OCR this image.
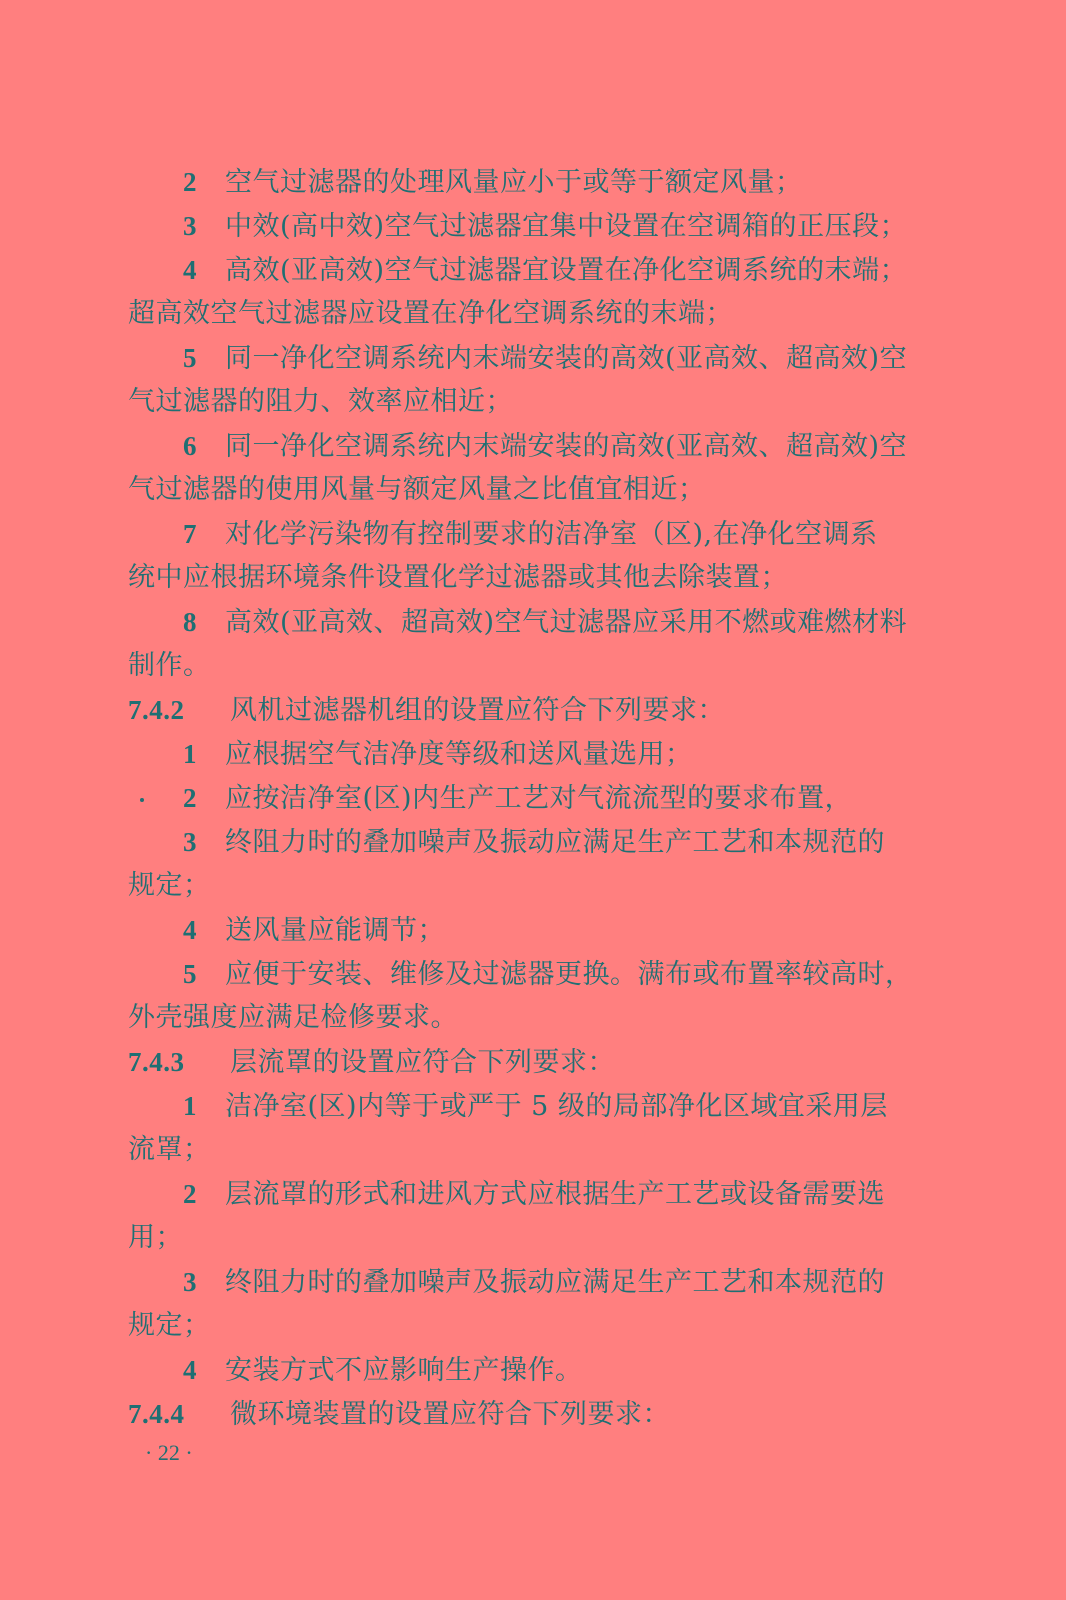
2 空气过滤器的处理风量应小于或等于额定风量；
3 中效(高中效)空气过滤器宜集中设置在空调箱的正压段；
4 高效(亚高效)空气过滤器宜设置在净化空调系统的末端；
超高效空气过滤器应设置在净化空调系统的末端；
5 同一净化空调系统内末端安装的高效(亚高效、超高效)空
气过滤器的阻力、效率应相近；
6 同一净化空调系统内末端安装的高效(亚高效、超高效)空
气过滤器的使用风量与额定风量之比值宜相近；
7 对化学污染物有控制要求的洁净室（区),在净化空调系
统中应根据环境条件设置化学过滤器或其他去除装置；
8 高效(亚高效、超高效)空气过滤器应采用不燃或难燃材料
制作。
7.4.2 风机过滤器机组的设置应符合下列要求：
1 应根据空气洁净度等级和送风量选用；
2 应按洁净室(区)内生产工艺对气流流型的要求布置，
3 终阻力时的叠加噪声及振动应满足生产工艺和本规范的
规定；
4 送风量应能调节；
5 应便于安装、维修及过滤器更换。满布或布置率较高时，
外壳强度应满足检修要求。
7.4.3 层流罩的设置应符合下列要求：
1 洁净室(区)内等于或严于 5 级的局部净化区域宜采用层
流罩；
2 层流罩的形式和进风方式应根据生产工艺或设备需要选
用；
3 终阻力时的叠加噪声及振动应满足生产工艺和本规范的
规定；
4 安装方式不应影响生产操作。
7.4.4 微环境装置的设置应符合下列要求：
· 22 ·
